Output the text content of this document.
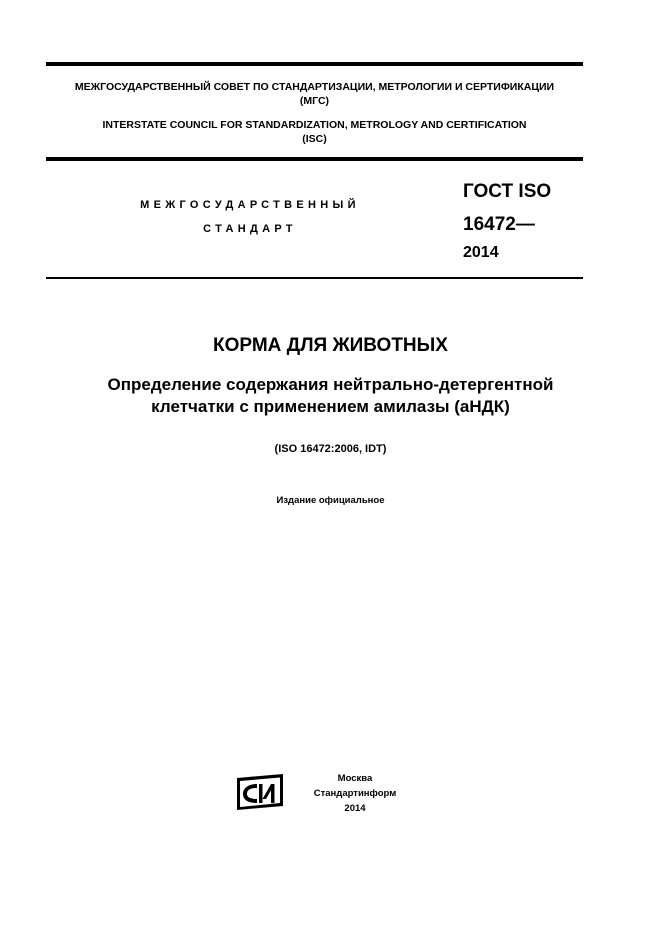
МЕЖГОСУДАРСТВЕННЫЙ СОВЕТ ПО СТАНДАРТИЗАЦИИ, МЕТРОЛОГИИ И СЕРТИФИКАЦИИ
(МГС)
INTERSTATE COUNCIL FOR STANDARDIZATION, METROLOGY AND CERTIFICATION
(ISC)
МЕЖГОСУДАРСТВЕННЫЙ
СТАНДАРТ
ГОСТ ISO
16472—
2014
КОРМА ДЛЯ ЖИВОТНЫХ
Определение содержания нейтрально-детергентной
клетчатки с применением амилазы (аНДК)
(ISO 16472:2006, IDT)
Издание официальное
Москва
Стандартинформ
2014
